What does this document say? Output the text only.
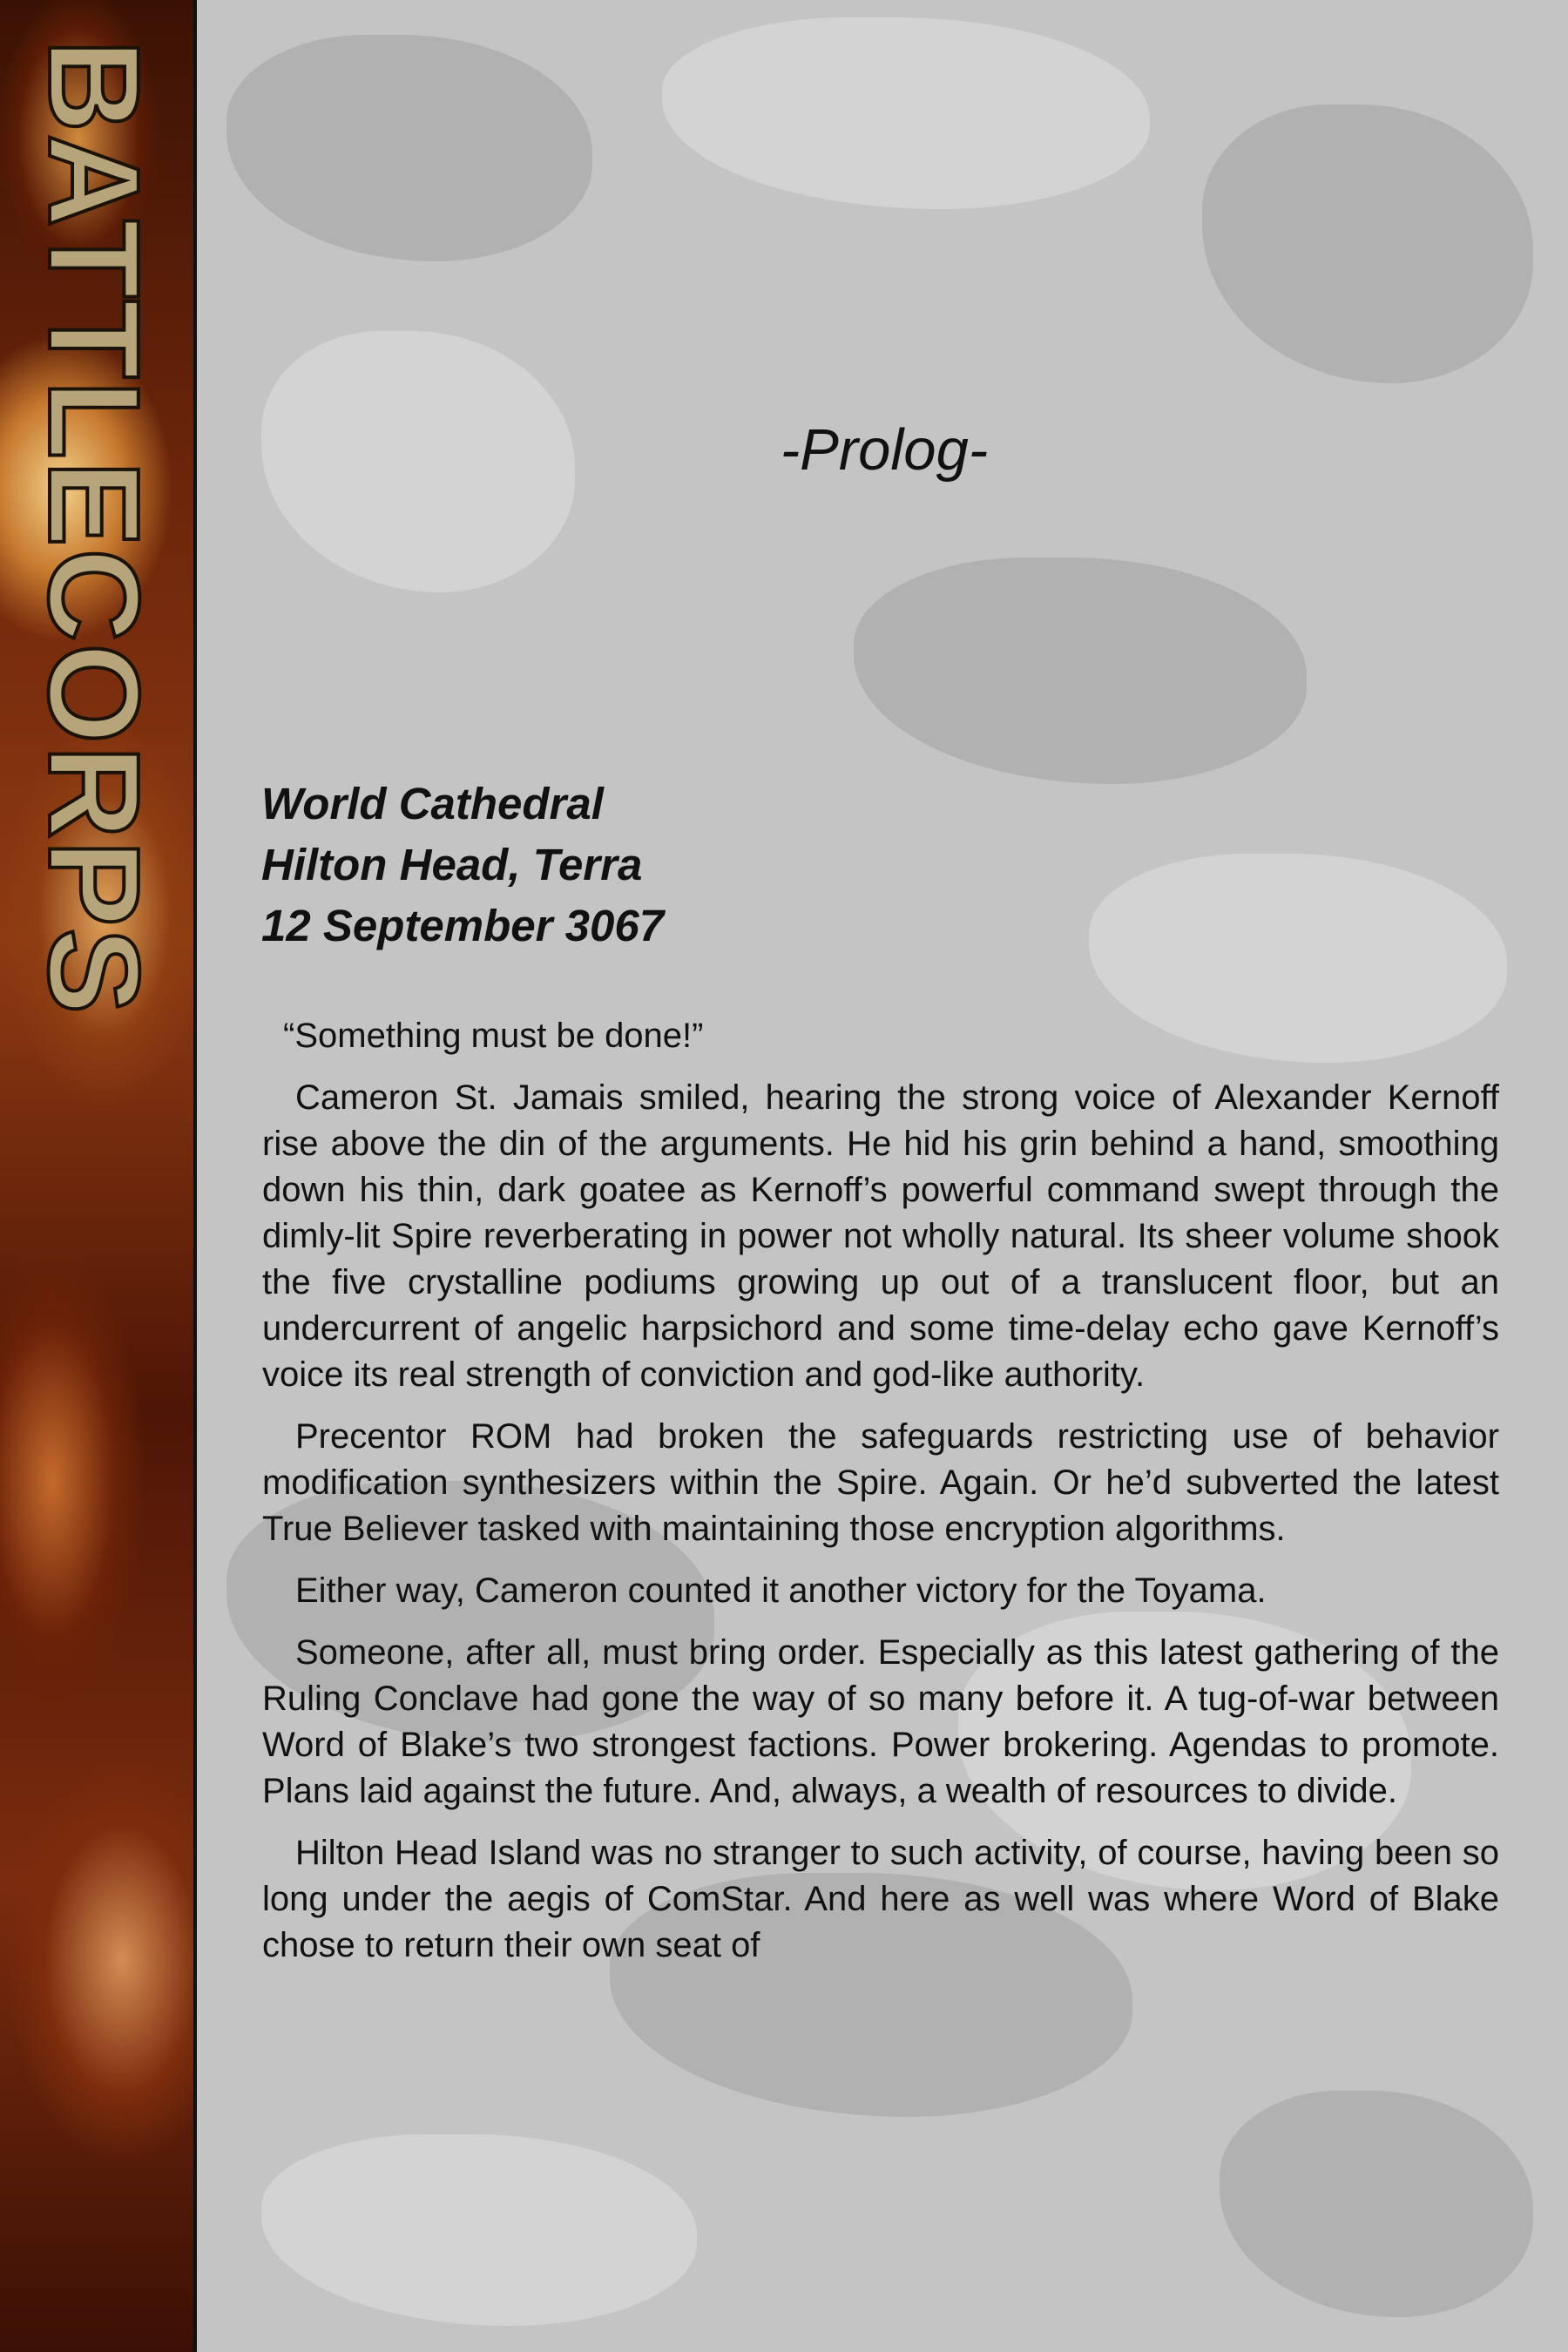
BATTLECORPS	-Prolog-
World Cathedral
Hilton Head, Terra
12 September 3067

“Something must be done!”

Cameron St. Jamais smiled, hearing the strong voice of Alexander Kernoff rise above the din of the arguments. He hid his grin behind a hand, smoothing down his thin, dark goatee as Kernoff’s powerful command swept through the dimly-lit Spire reverberating in power not wholly natural. Its sheer volume shook the five crystalline podiums growing up out of a translucent floor, but an undercurrent of angelic harpsichord and some time-delay echo gave Kernoff’s voice its real strength of conviction and god-like authority.

Precentor ROM had broken the safeguards restricting use of behavior modification synthesizers within the Spire. Again. Or he’d subverted the latest True Believer tasked with maintaining those encryption algorithms.

Either way, Cameron counted it another victory for the Toyama.

Someone, after all, must bring order. Especially as this latest gathering of the Ruling Conclave had gone the way of so many before it. A tug-of-war between Word of Blake’s two strongest factions. Power brokering. Agendas to promote. Plans laid against the future. And, always, a wealth of resources to divide.

Hilton Head Island was no stranger to such activity, of course, having been so long under the aegis of ComStar. And here as well was where Word of Blake chose to return their own seat of
